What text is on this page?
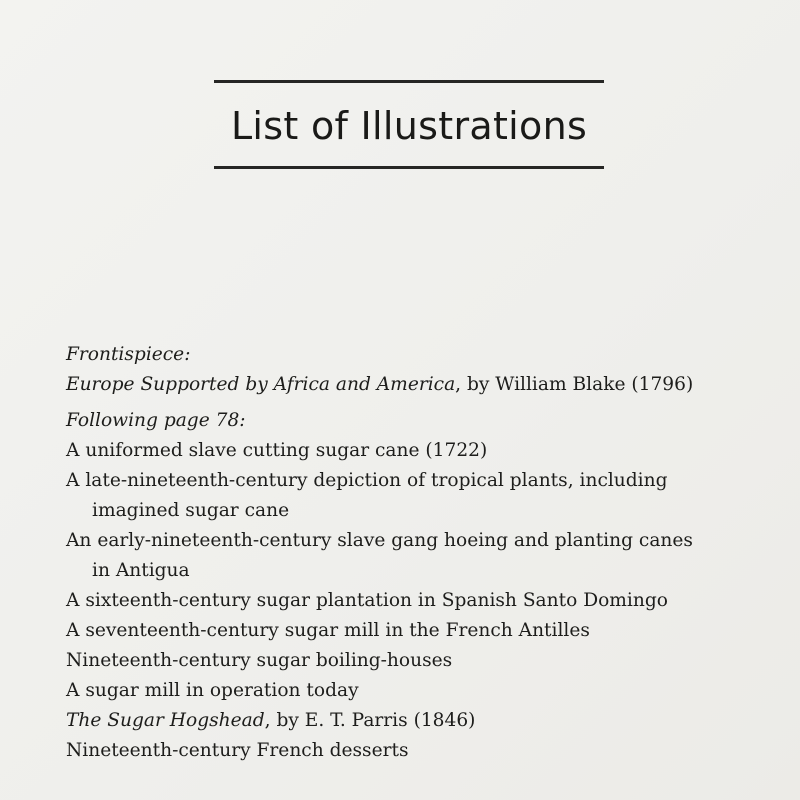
List of Illustrations
Frontispiece:
Europe Supported by Africa and America, by William Blake (1796)
Following page 78:
A uniformed slave cutting sugar cane (1722)
A late-nineteenth-century depiction of tropical plants, including
imagined sugar cane
An early-nineteenth-century slave gang hoeing and planting canes
in Antigua
A sixteenth-century sugar plantation in Spanish Santo Domingo
A seventeenth-century sugar mill in the French Antilles
Nineteenth-century sugar boiling-houses
A sugar mill in operation today
The Sugar Hogshead, by E. T. Parris (1846)
Nineteenth-century French desserts
